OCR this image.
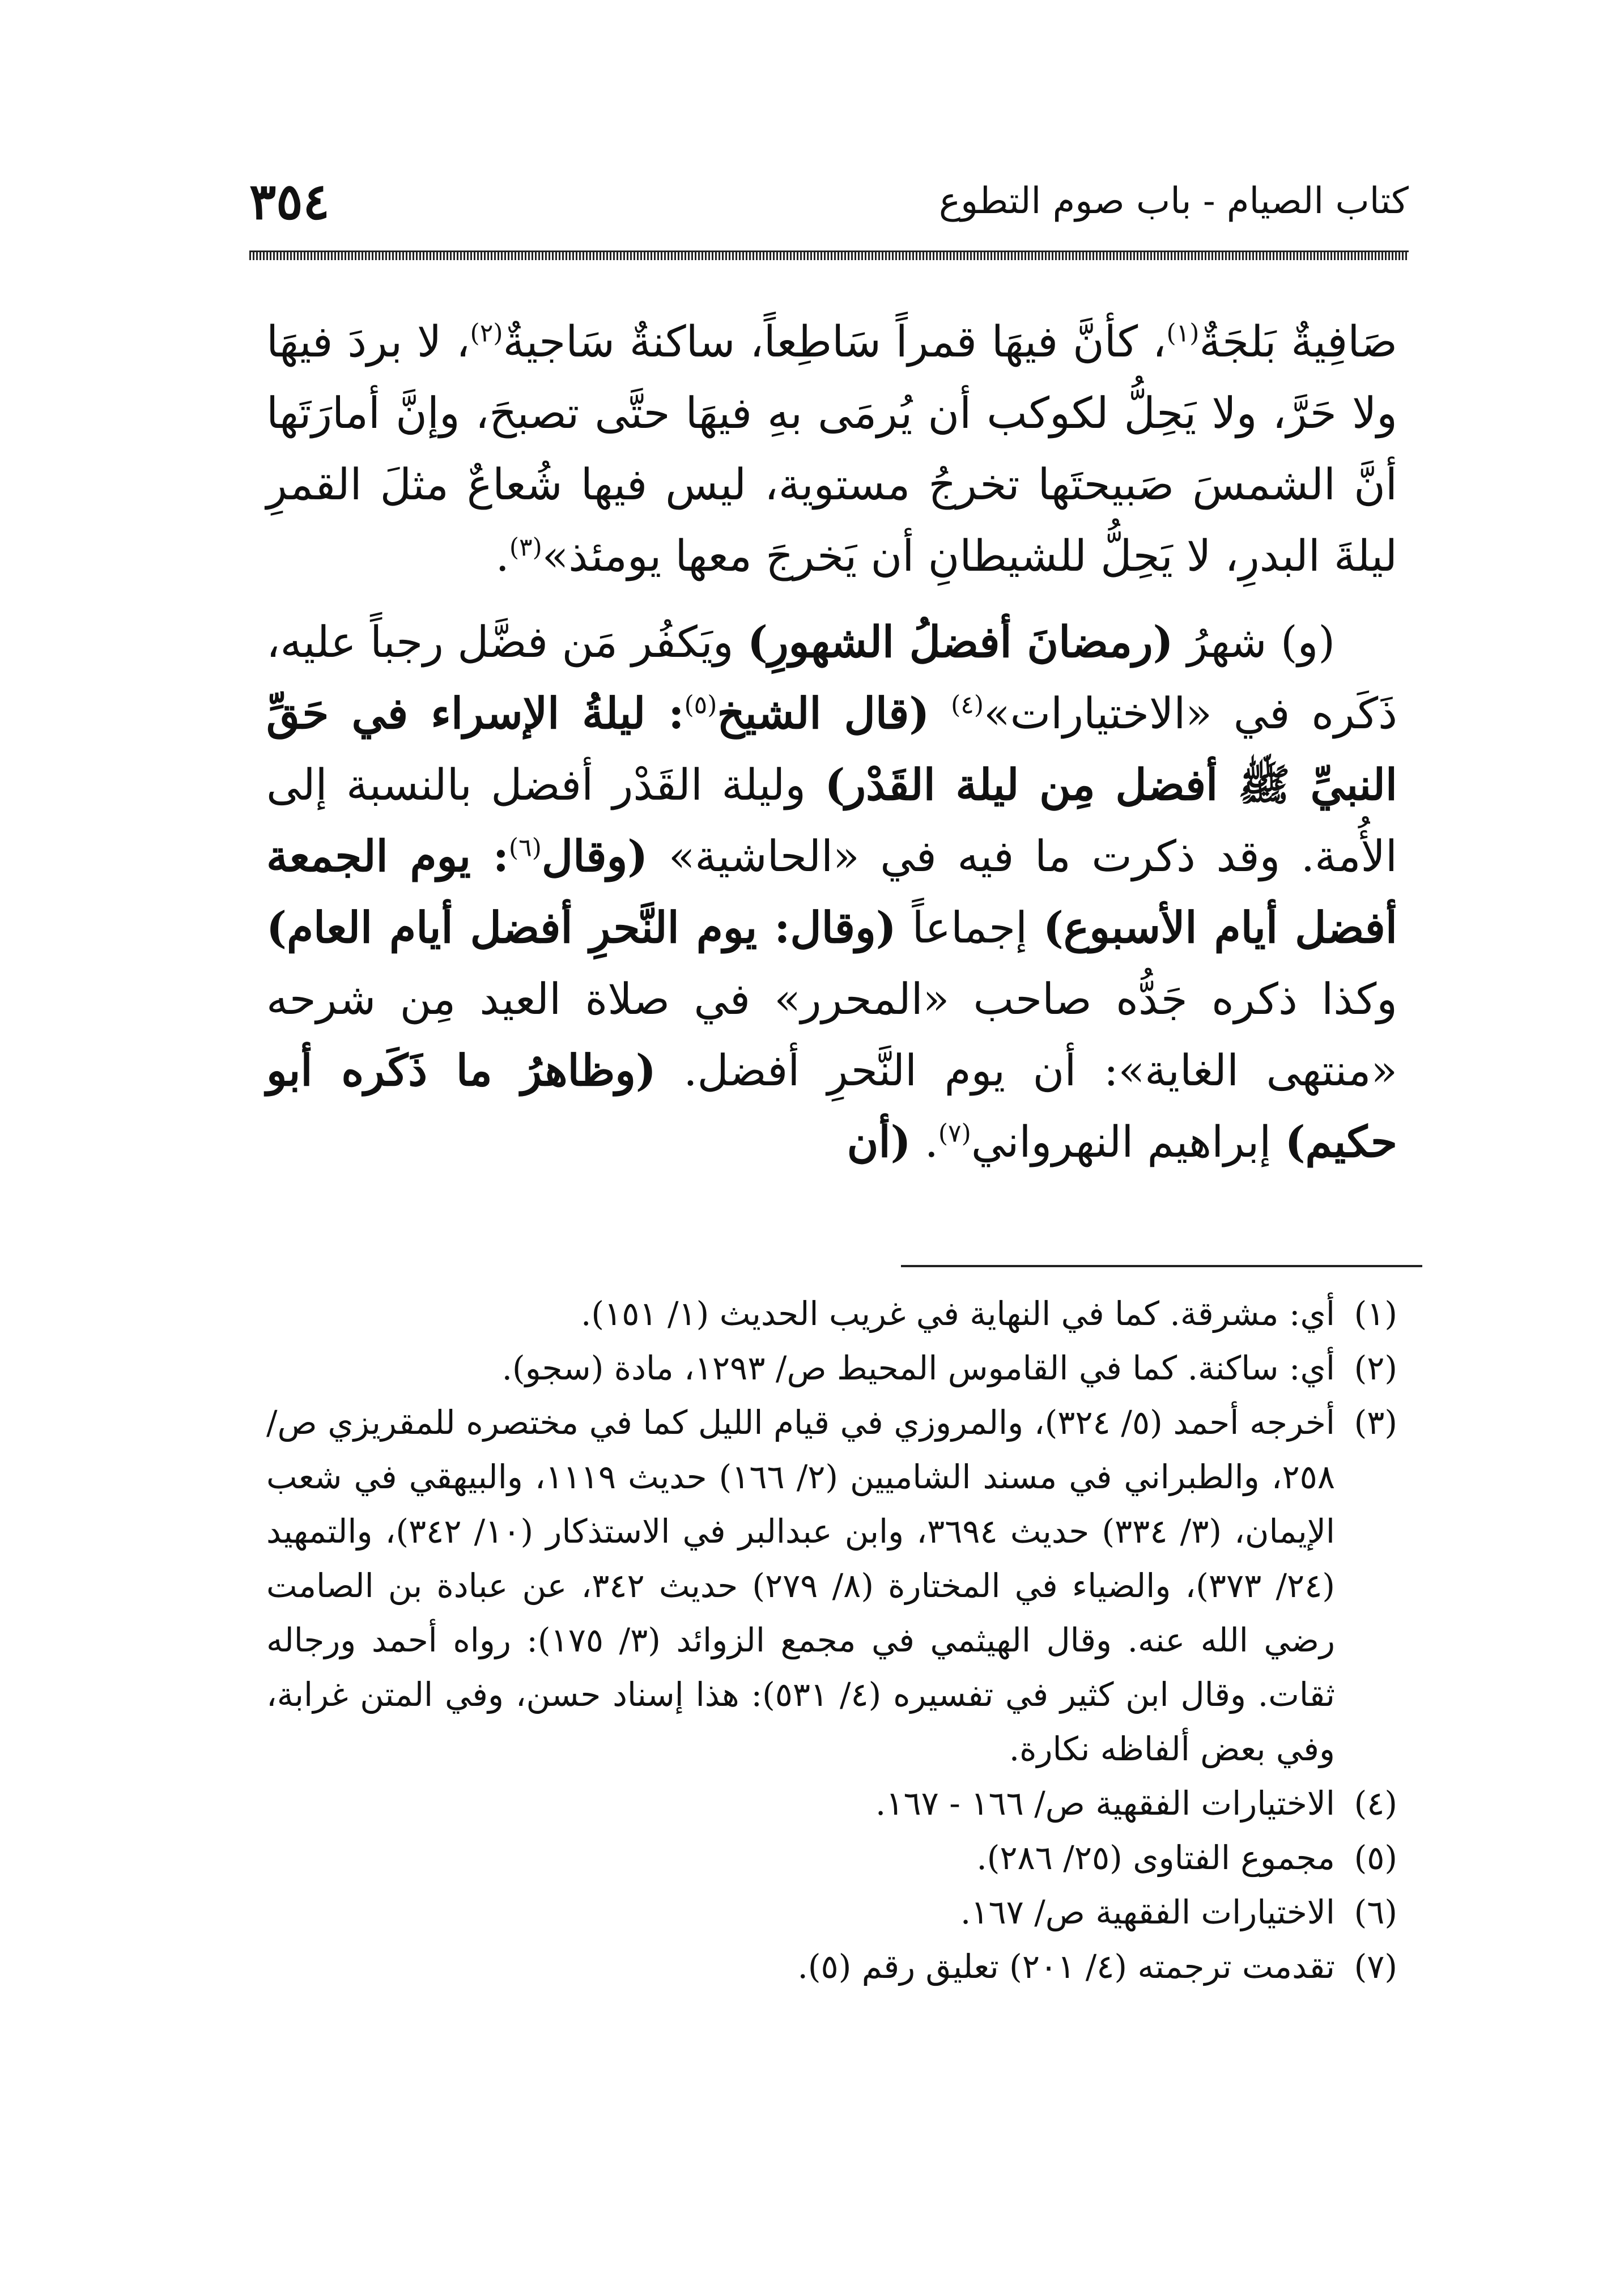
٣٥٤	كتاب الصيام - باب صوم التطوع

صَافِيةٌ بَلجَةٌ$^{(١)}$، كأنَّ فيهَا قمراً سَاطِعاً، ساكنةٌ سَاجيةٌ$^{(٢)}$، لا بردَ فيهَا ولا حَرَّ، ولا يَحِلُّ لكوكب أن يُرمَى بهِ فيهَا حتَّى تصبحَ، وإنَّ أمارَتَها أنَّ الشمسَ صَبيحتَها تخرجُ مستوية، ليس فيها شُعاعٌ مثلَ القمرِ ليلةَ البدرِ، لا يَحِلُّ للشيطانِ أن يَخرجَ معها يومئذ»$^{(٣)}$.

(و) شهرُ (رمضانَ أفضلُ الشهورِ) ويَكفُر مَن فضَّل رجباً عليه، ذَكَره في «الاختيارات»$^{(٤)}$ (قال الشيخ$^{(٥)}$: ليلةُ الإسراء في حَقِّ النبيِّ ﷺ أفضل مِن ليلة القَدْر) وليلة القَدْر أفضل بالنسبة إلى الأُمة. وقد ذكرت ما فيه في «الحاشية» (وقال$^{(٦)}$: يوم الجمعة أفضل أيام الأسبوع) إجماعاً (وقال: يوم النَّحرِ أفضل أيام العام) وكذا ذكره جَدُّه صاحب «المحرر» في صلاة العيد مِن شرحه «منتهى الغاية»: أن يوم النَّحرِ أفضل. (وظاهرُ ما ذَكَره أبو حكيم) إبراهيم النهرواني$^{(٧)}$. (أن

(١)
أي: مشرقة. كما في النهاية في غريب الحديث (١/ ١٥١).
(٢)
أي: ساكنة. كما في القاموس المحيط ص/ ١٢٩٣، مادة (سجو).
(٣)
أخرجه أحمد (٥/ ٣٢٤)، والمروزي في قيام الليل كما في مختصره للمقريزي ص/ ٢٥٨، والطبراني في مسند الشاميين (٢/ ١٦٦) حديث ١١١٩، والبيهقي في شعب الإيمان، (٣/ ٣٣٤) حديث ٣٦٩٤، وابن عبدالبر في الاستذكار (١٠/ ٣٤٢)، والتمهيد (٢٤/ ٣٧٣)، والضياء في المختارة (٨/ ٢٧٩) حديث ٣٤٢، عن عبادة بن الصامت رضي الله عنه. وقال الهيثمي في مجمع الزوائد (٣/ ١٧٥): رواه أحمد ورجاله ثقات. وقال ابن كثير في تفسيره (٤/ ٥٣١): هذا إسناد حسن، وفي المتن غرابة، وفي بعض ألفاظه نكارة.
(٤)
الاختيارات الفقهية ص/ ١٦٦ - ١٦٧.
(٥)
مجموع الفتاوى (٢٥/ ٢٨٦).
(٦)
الاختيارات الفقهية ص/ ١٦٧.
(٧)
تقدمت ترجمته (٤/ ٢٠١) تعليق رقم (٥).
